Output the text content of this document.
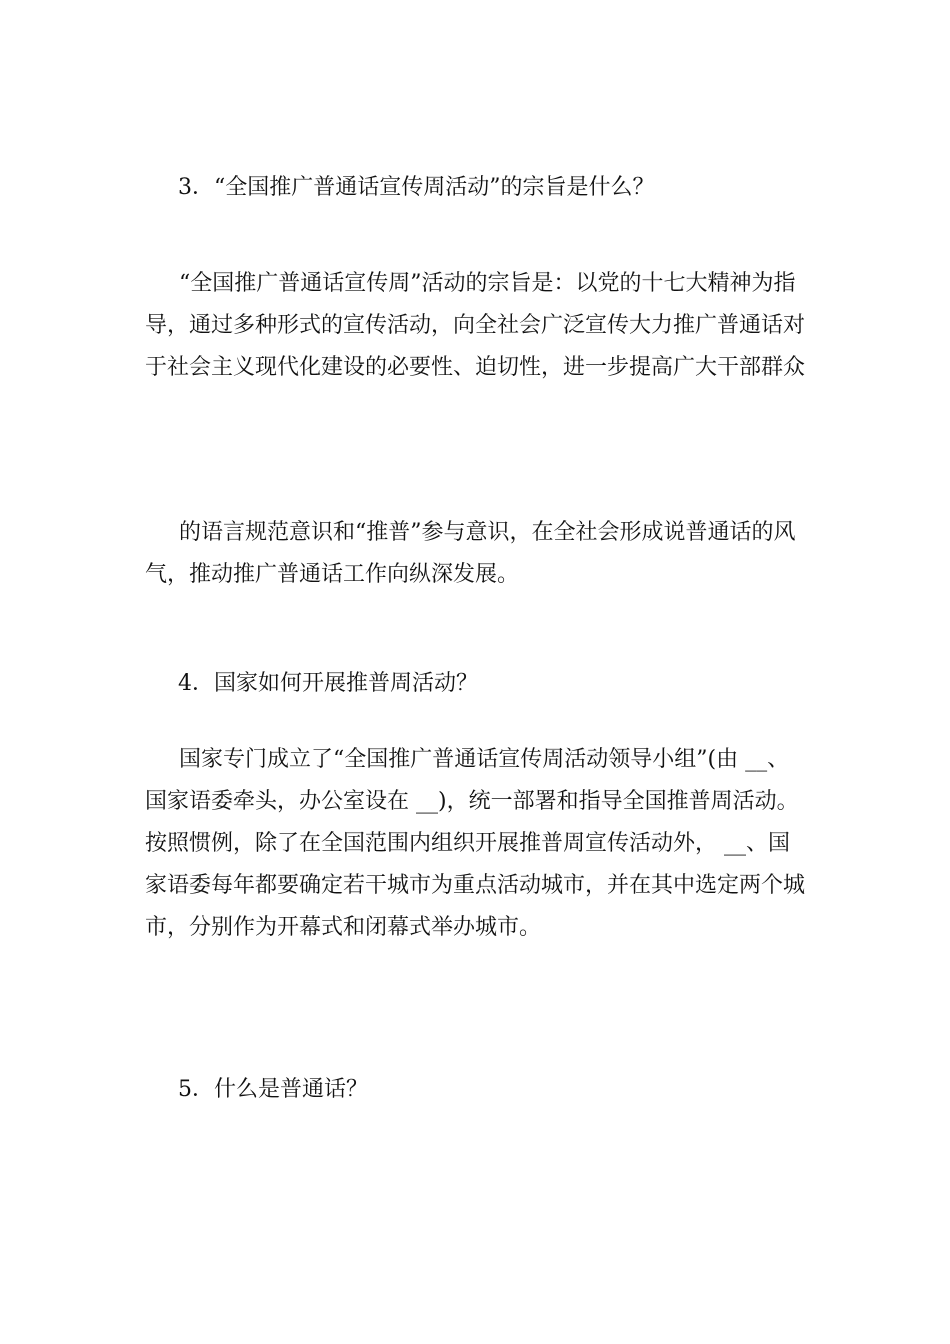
3．“全国推广普通话宣传周活动”的宗旨是什么？

“全国推广普通话宣传周”活动的宗旨是：以党的十七大精神为指导，通过多种形式的宣传活动，向全社会广泛宣传大力推广普通话对于社会主义现代化建设的必要性、迫切性，进一步提高广大干部群众

的语言规范意识和“推普”参与意识，在全社会形成说普通话的风气，推动推广普通话工作向纵深发展。

4．国家如何开展推普周活动？

国家专门成立了“全国推广普通话宣传周活动领导小组”(由 __、国家语委牵头，办公室设在 __)，统一部署和指导全国推普周活动。按照惯例，除了在全国范围内组织开展推普周宣传活动外， __、国家语委每年都要确定若干城市为重点活动城市，并在其中选定两个城市，分别作为开幕式和闭幕式举办城市。

5．什么是普通话？
